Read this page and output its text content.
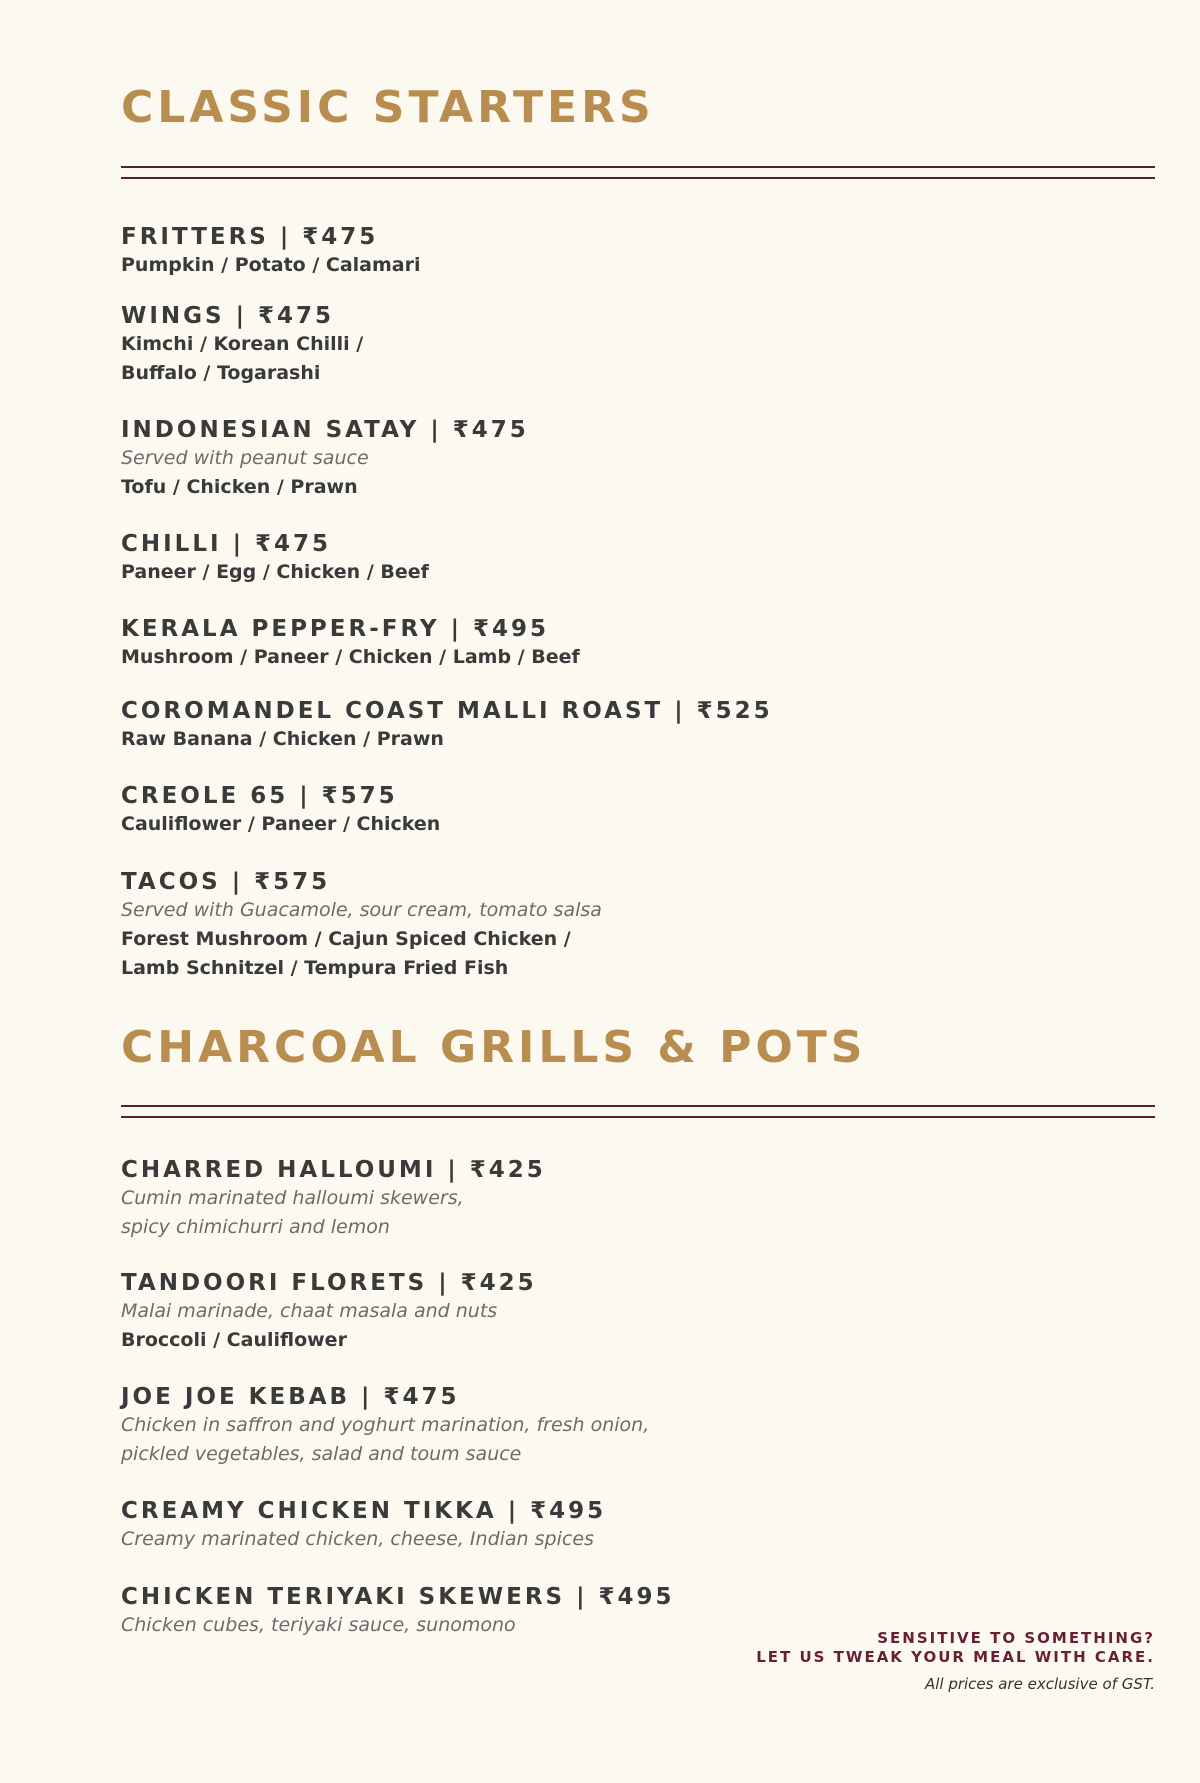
CLASSIC STARTERS
FRITTERS | ₹475
Pumpkin / Potato / Calamari
WINGS | ₹475
Kimchi / Korean Chilli /
Buffalo / Togarashi
INDONESIAN SATAY | ₹475
Served with peanut sauce
Tofu / Chicken / Prawn
CHILLI | ₹475
Paneer / Egg / Chicken / Beef
KERALA PEPPER-FRY | ₹495
Mushroom / Paneer / Chicken / Lamb / Beef
COROMANDEL COAST MALLI ROAST | ₹525
Raw Banana / Chicken / Prawn
CREOLE 65 | ₹575
Cauliflower / Paneer / Chicken
TACOS | ₹575
Served with Guacamole, sour cream, tomato salsa
Forest Mushroom / Cajun Spiced Chicken /
Lamb Schnitzel / Tempura Fried Fish
CHARCOAL GRILLS & POTS
CHARRED HALLOUMI | ₹425
Cumin marinated halloumi skewers,
spicy chimichurri and lemon
TANDOORI FLORETS | ₹425
Malai marinade, chaat masala and nuts
Broccoli / Cauliflower
JOE JOE KEBAB | ₹475
Chicken in saffron and yoghurt marination, fresh onion,
pickled vegetables, salad and toum sauce
CREAMY CHICKEN TIKKA | ₹495
Creamy marinated chicken, cheese, Indian spices
CHICKEN TERIYAKI SKEWERS | ₹495
Chicken cubes, teriyaki sauce, sunomono
SENSITIVE TO SOMETHING?
LET US TWEAK YOUR MEAL WITH CARE.
All prices are exclusive of GST.
